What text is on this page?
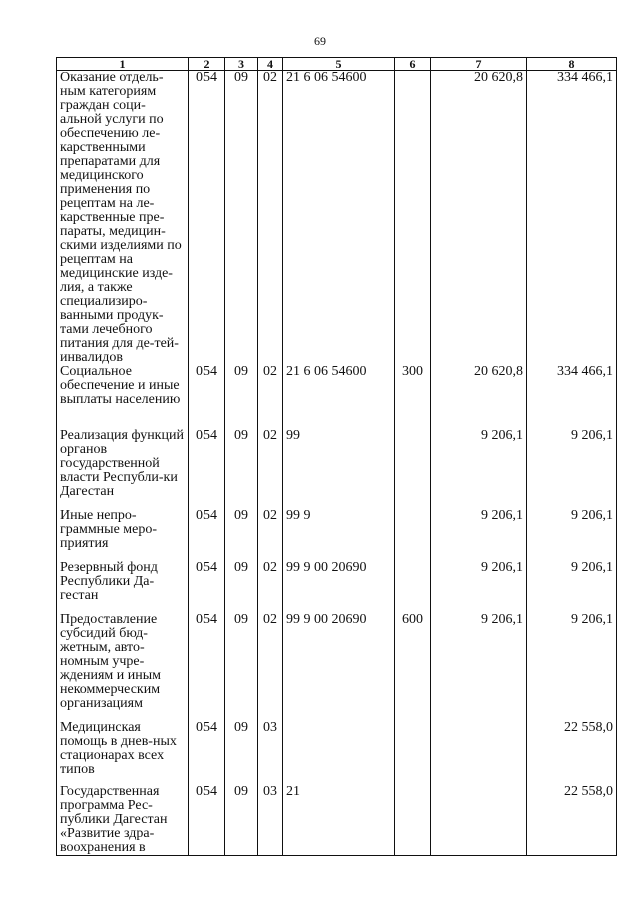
69
1	2	3	4	5	6	7	8
Оказание отдель-ным категориям граждан соци-альной услуги по обеспечению ле-карственными препаратами для медицинского применения по рецептам на ле-карственные пре-параты, медицин-скими изделиями по рецептам на медицинские изде-лия, а также специализиро-ванными продук-тами лечебного питания для де-тей-инвалидов	054	09	02	21 6 06 54600		20 620,8	334 466,1
Социальное обеспечение и иные выплаты населению	054	09	02	21 6 06 54600	300	20 620,8	334 466,1
Реализация функций органов государственной власти Республи-ки Дагестан	054	09	02	99		9 206,1	9 206,1
Иные непро-граммные меро-приятия	054	09	02	99 9		9 206,1	9 206,1
Резервный фонд Республики Да-гестан	054	09	02	99 9 00 20690		9 206,1	9 206,1
Предоставление субсидий бюд-жетным, авто-номным учре-ждениям и иным некоммерческим организациям	054	09	02	99 9 00 20690	600	9 206,1	9 206,1
Медицинская помощь в днев-ных стационарах всех типов	054	09	03				22 558,0
Государственная программа Рес-публики Дагестан «Развитие здра-воохранения в	054	09	03	21			22 558,0
